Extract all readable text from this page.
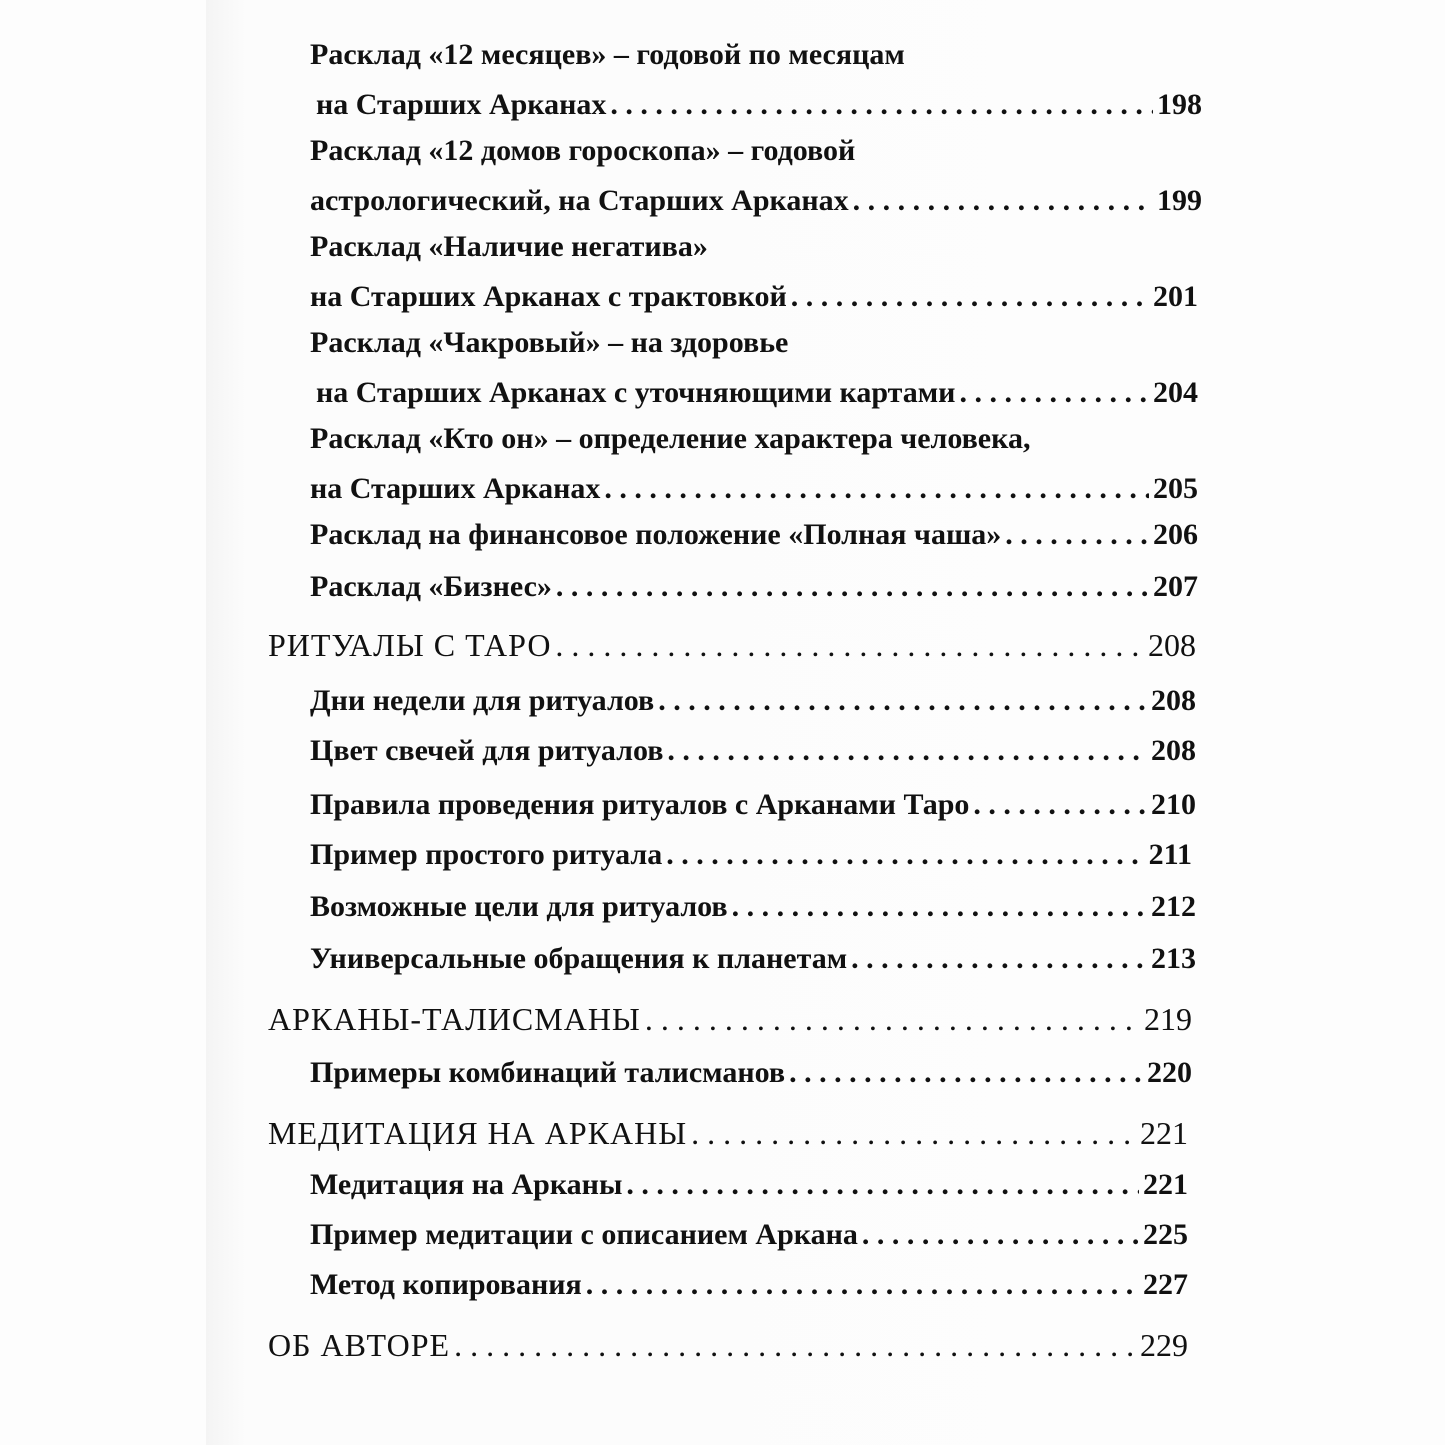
Расклад «12 месяцев» – годовой по месяцам
на Старших Арканах . . .	198
Расклад «12 домов гороскопа» – годовой
астрологический, на Старших Арканах . . .	199
Расклад «Наличие негатива»
на Старших Арканах с трактовкой . . .	201
Расклад «Чакровый» – на здоровье
на Старших Арканах с уточняющими картами . . .	204
Расклад «Кто он» – определение характера человека,
на Старших Арканах . . .	205
Расклад на финансовое положение «Полная чаша» . . .	206
Расклад «Бизнес» . . .	207
РИТУАЛЫ С ТАРО . . .	208
Дни недели для ритуалов . . .	208
Цвет свечей для ритуалов . . .	208
Правила проведения ритуалов с Арканами Таро . . .	210
Пример простого ритуала . . .	211
Возможные цели для ритуалов . . .	212
Универсальные обращения к планетам . . .	213
АРКАНЫ-ТАЛИСМАНЫ . . .	219
Примеры комбинаций талисманов . . .	220
МЕДИТАЦИЯ НА АРКАНЫ . . .	221
Медитация на Арканы . . .	221
Пример медитации с описанием Аркана . . .	225
Метод копирования . . .	227
ОБ АВТОРЕ . . .	229
